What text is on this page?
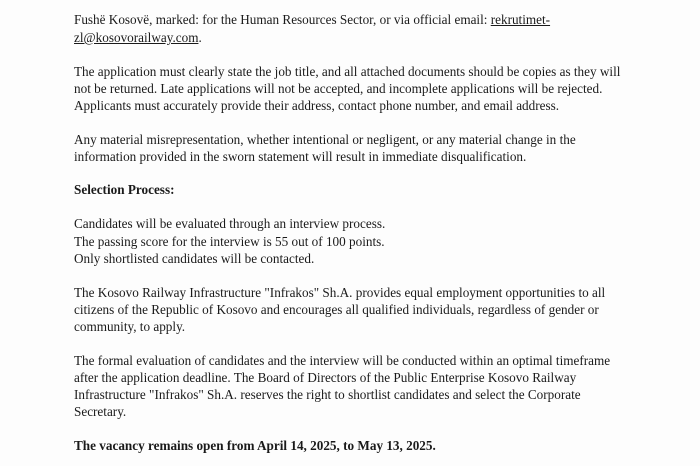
Fushë Kosovë, marked: for the Human Resources Sector, or via official email: rekrutimet-
zl@kosovorailway.com.
The application must clearly state the job title, and all attached documents should be copies as they will
not be returned. Late applications will not be accepted, and incomplete applications will be rejected.
Applicants must accurately provide their address, contact phone number, and email address.
Any material misrepresentation, whether intentional or negligent, or any material change in the
information provided in the sworn statement will result in immediate disqualification.
Selection Process:
Candidates will be evaluated through an interview process.
The passing score for the interview is 55 out of 100 points.
Only shortlisted candidates will be contacted.
The Kosovo Railway Infrastructure "Infrakos" Sh.A. provides equal employment opportunities to all
citizens of the Republic of Kosovo and encourages all qualified individuals, regardless of gender or
community, to apply.
The formal evaluation of candidates and the interview will be conducted within an optimal timeframe
after the application deadline. The Board of Directors of the Public Enterprise Kosovo Railway
Infrastructure "Infrakos" Sh.A. reserves the right to shortlist candidates and select the Corporate
Secretary.
The vacancy remains open from April 14, 2025, to May 13, 2025.
